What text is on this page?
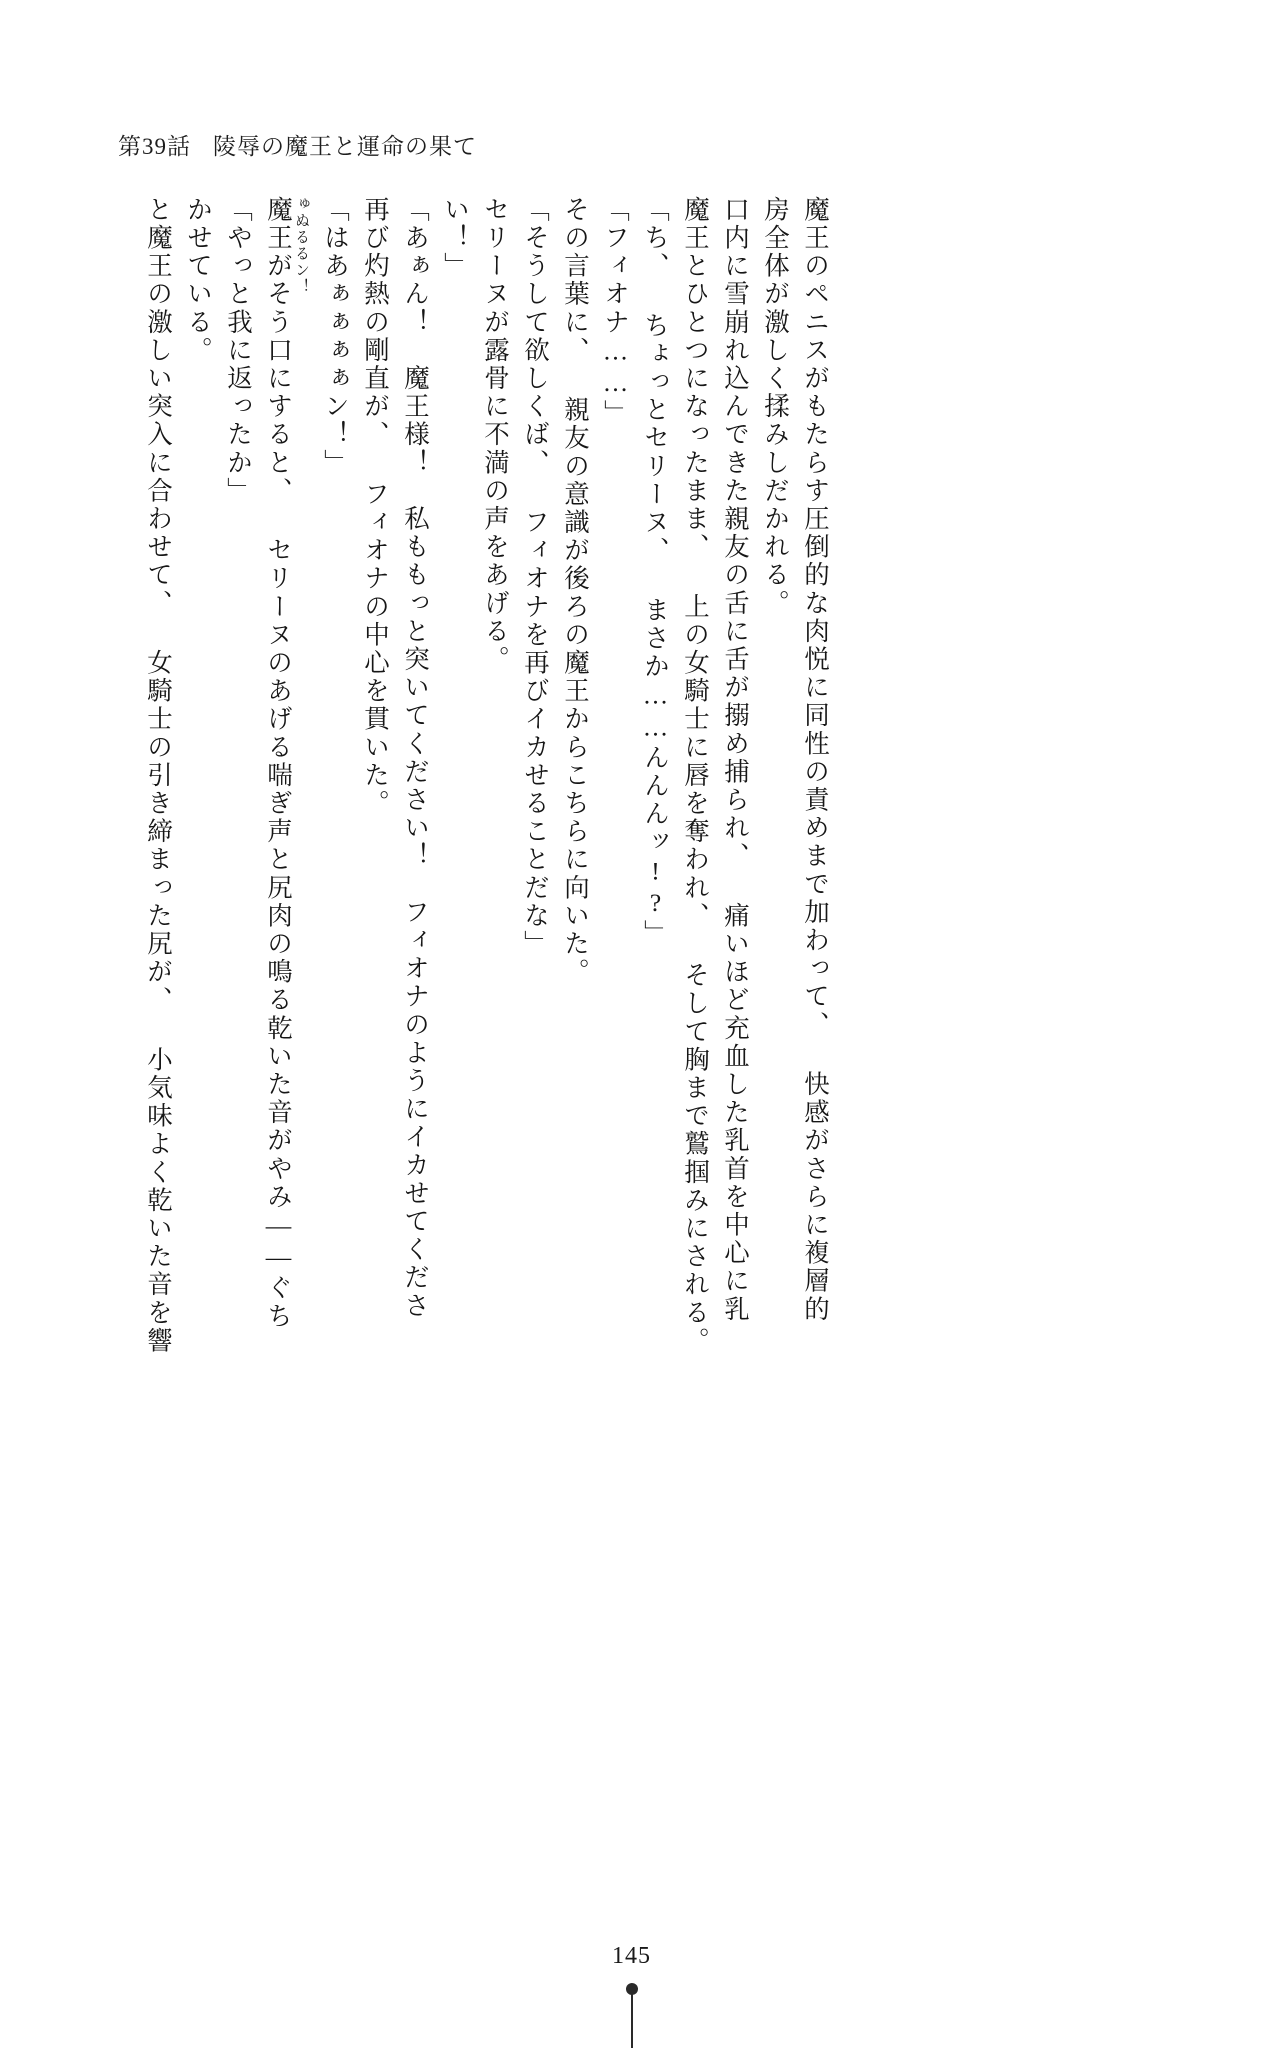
第39話 陵辱の魔王と運命の果て
と魔王の激しい突入に合わせて、 女騎士の引き締まった尻が、 小気味よく乾いた音を響 かせている。 「やっと我に返ったか」 魔王がそう口にすると、 セリーヌのあげる喘ぎ声と尻肉の鳴る乾いた音がやみ――ぐち ゅぬるるン！ 「はあぁぁぁぁン！」 再び灼熱の剛直が、 フィオナの中心を貫いた。 「あぁん！　魔王様！　私ももっと突いてください！　フィオナのようにイカせてくださ い！」 セリーヌが露骨に不満の声をあげる。 「そうして欲しくば、 フィオナを再びイカせることだな」 その言葉に、 親友の意識が後ろの魔王からこちらに向いた。 「フィオナ……」 「ち、 ちょっとセリーヌ、 まさか……んんんッ!?」 魔王とひとつになったまま、 上の女騎士に唇を奪われ、 そして胸まで鷲掴みにされる。 口内に雪崩れ込んできた親友の舌に舌が搦め捕られ、 痛いほど充血した乳首を中心に乳 房全体が激しく揉みしだかれる。 魔王のペニスがもたらす圧倒的な肉悦に同性の責めまで加わって、 快感がさらに複層的
145
